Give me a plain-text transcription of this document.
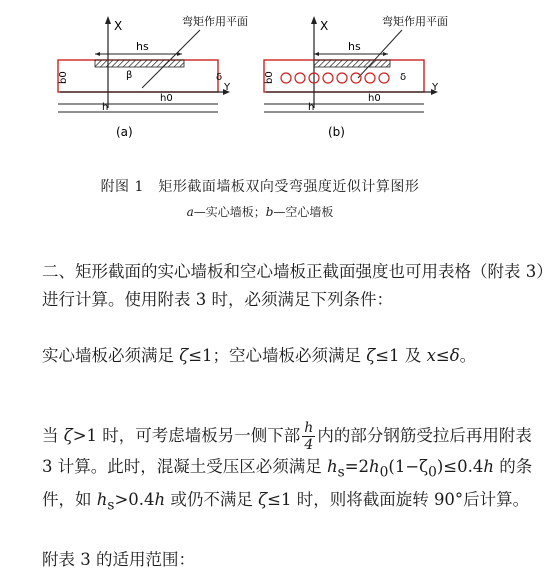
X	弯矩作用平面
hs
b0	β	δ
Y
h0
h
(a)
X	弯矩作用平面
hs
b0	δ
Y
h0
h
(b)
附图 1　矩形截面墙板双向受弯强度近似计算图形
a—实心墙板；b—空心墙板
二、矩形截面的实心墙板和空心墙板正截面强度也可用表格（附表 3）进行计算。使用附表 3 时，必须满足下列条件：
实心墙板必须满足 ζ≤1；空心墙板必须满足 ζ≤1 及 x≤δ。
当 ζ>1 时，可考虑墙板另一侧下部 $\frac{h}{4}$ 内的部分钢筋受拉后再用附表 3 计算。此时，混凝土受压区必须满足 $h_s=2h_0(1-\zeta_0)\le 0.4h$ 的条件，如 $h_s>0.4h$ 或仍不满足 ζ≤1 时，则将截面旋转 90°后计算。
附表 3 的适用范围：
